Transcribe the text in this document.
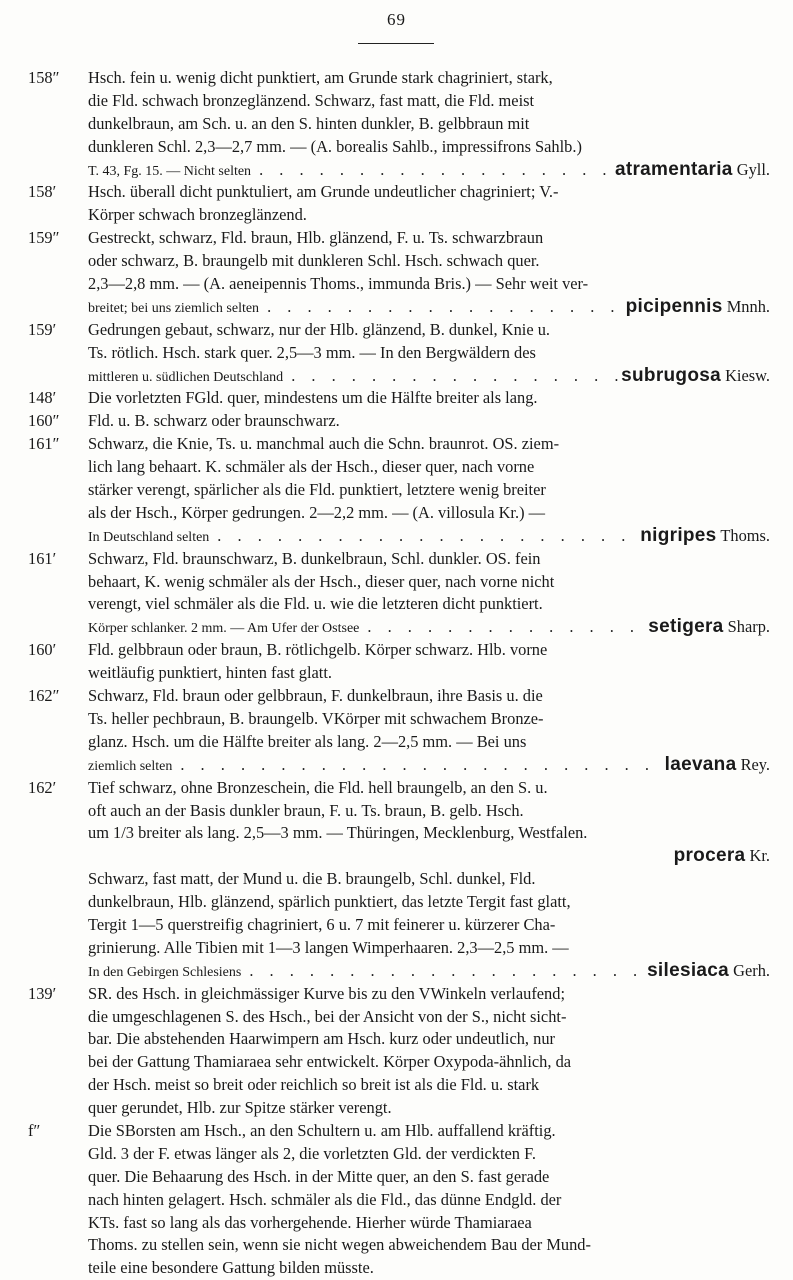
69
158″	Hsch. fein u. wenig dicht punktiert, am Grunde stark chagriniert, stark,
die Fld. schwach bronzeglänzend. Schwarz, fast matt, die Fld. meist
dunkelbraun, am Sch. u. an den S. hinten dunkler, B. gelbbraun mit
dunkleren Schl. 2,3—2,7 mm. — (A. borealis Sahlb., impressifrons Sahlb.)
T. 43, Fg. 15. — Nicht selten . . .	atramentaria Gyll.
158′	Hsch. überall dicht punktuliert, am Grunde undeutlicher chagriniert; V.-
Körper schwach bronzeglänzend.
159″	Gestreckt, schwarz, Fld. braun, Hlb. glänzend, F. u. Ts. schwarzbraun
oder schwarz, B. braungelb mit dunkleren Schl. Hsch. schwach quer.
2,3—2,8 mm. — (A. aeneipennis Thoms., immunda Bris.) — Sehr weit ver-
breitet; bei uns ziemlich selten . . .	picipennis Mnnh.
159′	Gedrungen gebaut, schwarz, nur der Hlb. glänzend, B. dunkel, Knie u.
Ts. rötlich. Hsch. stark quer. 2,5—3 mm. — In den Bergwäldern des
mittleren u. südlichen Deutschland . . .	subrugosa Kiesw.
148′	Die vorletzten FGld. quer, mindestens um die Hälfte breiter als lang.
160″	Fld. u. B. schwarz oder braunschwarz.
161″	Schwarz, die Knie, Ts. u. manchmal auch die Schn. braunrot. OS. ziem-
lich lang behaart. K. schmäler als der Hsch., dieser quer, nach vorne
stärker verengt, spärlicher als die Fld. punktiert, letztere wenig breiter
als der Hsch., Körper gedrungen. 2—2,2 mm. — (A. villosula Kr.) —
In Deutschland selten . . .	nigripes Thoms.
161′	Schwarz, Fld. braunschwarz, B. dunkelbraun, Schl. dunkler. OS. fein
behaart, K. wenig schmäler als der Hsch., dieser quer, nach vorne nicht
verengt, viel schmäler als die Fld. u. wie die letzteren dicht punktiert.
Körper schlanker. 2 mm. — Am Ufer der Ostsee . . .	setigera Sharp.
160′	Fld. gelbbraun oder braun, B. rötlichgelb. Körper schwarz. Hlb. vorne
weitläufig punktiert, hinten fast glatt.
162″	Schwarz, Fld. braun oder gelbbraun, F. dunkelbraun, ihre Basis u. die
Ts. heller pechbraun, B. braungelb. VKörper mit schwachem Bronze-
glanz. Hsch. um die Hälfte breiter als lang. 2—2,5 mm. — Bei uns
ziemlich selten . . .	laevana Rey.
162′	Tief schwarz, ohne Bronzeschein, die Fld. hell braungelb, an den S. u.
oft auch an der Basis dunkler braun, F. u. Ts. braun, B. gelb. Hsch.
um 1/3 breiter als lang. 2,5—3 mm. — Thüringen, Mecklenburg, Westfalen.
procera Kr.
Schwarz, fast matt, der Mund u. die B. braungelb, Schl. dunkel, Fld.
dunkelbraun, Hlb. glänzend, spärlich punktiert, das letzte Tergit fast glatt,
Tergit 1—5 querstreifig chagriniert, 6 u. 7 mit feinerer u. kürzerer Cha-
grinierung. Alle Tibien mit 1—3 langen Wimperhaaren. 2,3—2,5 mm. —
In den Gebirgen Schlesiens . . .	silesiaca Gerh.
139′	SR. des Hsch. in gleichmässiger Kurve bis zu den VWinkeln verlaufend;
die umgeschlagenen S. des Hsch., bei der Ansicht von der S., nicht sicht-
bar. Die abstehenden Haarwimpern am Hsch. kurz oder undeutlich, nur
bei der Gattung Thamiaraea sehr entwickelt. Körper Oxypoda-ähnlich, da
der Hsch. meist so breit oder reichlich so breit ist als die Fld. u. stark
quer gerundet, Hlb. zur Spitze stärker verengt.
f″	Die SBorsten am Hsch., an den Schultern u. am Hlb. auffallend kräftig.
Gld. 3 der F. etwas länger als 2, die vorletzten Gld. der verdickten F.
quer. Die Behaarung des Hsch. in der Mitte quer, an den S. fast gerade
nach hinten gelagert. Hsch. schmäler als die Fld., das dünne Endgld. der
KTs. fast so lang als das vorhergehende. Hierher würde Thamiaraea
Thoms. zu stellen sein, wenn sie nicht wegen abweichendem Bau der Mund-
teile eine besondere Gattung bilden müsste.
